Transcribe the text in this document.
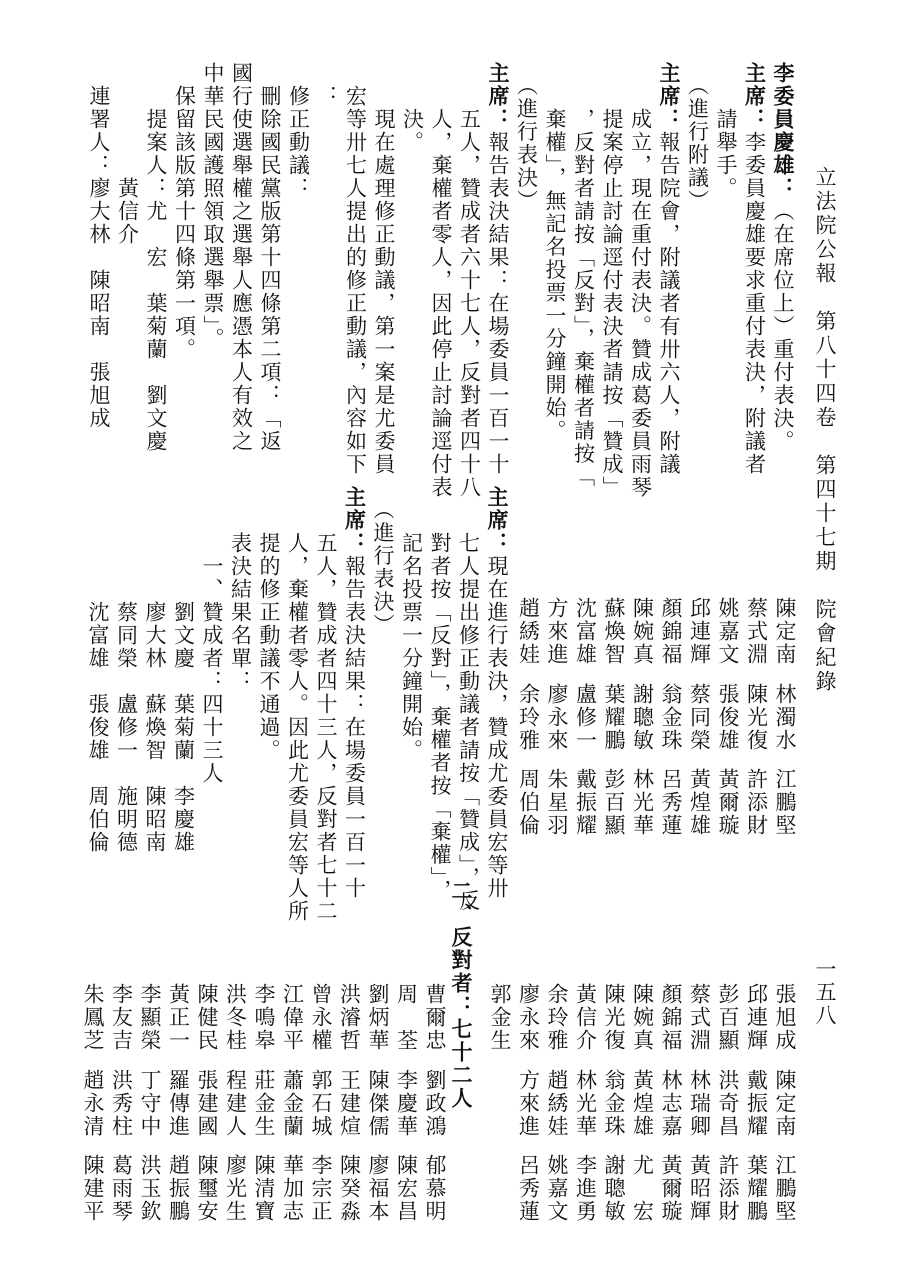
立法院公報　第八十四卷　第四十七期　院會紀錄
一五八
李委員慶雄：（在席位上）重付表決。
主席：李委員慶雄要求重付表決，附議者
　　請舉手。
　（進行附議）
主席：報告院會，附議者有卅六人，附議
　　成立，現在重付表決。贊成葛委員雨琴
　　提案停止討論逕付表決者請按「贊成」
　　，反對者請按「反對」，棄權者請按「
　　棄權」，無記名投票一分鐘開始。
　（進行表決）
主席：報告表決結果：在場委員一百一十
　　五人，贊成者六十七人，反對者四十八
　　人，棄權者零人，因此停止討論逕付表
　　決。
　　現在處理修正動議，第一案是尤委員
　宏等卅七人提出的修正動議，內容如下
　：
　修正動議：
　刪除國民黨版第十四條第二項：「返
國行使選舉權之選舉人應憑本人有效之
中華民國護照領取選舉票」。
　保留該版第十四條第一項。
　　提案人：尤　宏　葉菊蘭　劉文慶
　　　　　黃信介
　連署人：廖大林　陳昭南　張旭成
主席：現在進行表決，贊成尤委員宏等卅
　　七人提出修正動議者請按「贊成」，反
　　對者按「反對」，棄權者按「棄權」，
　　記名投票一分鐘開始。
　（進行表決）
主席：報告表決結果：在場委員一百一十
　　五人，贊成者四十三人，反對者七十二
　　人，棄權者零人。因此尤委員宏等人所
　　提的修正動議不通過。
　　表決結果名單：
　　　一、贊成者：四十三人
　　　　　劉文慶　葉菊蘭　李慶雄
　　　　　廖大林　蘇煥智　陳昭南
　　　　　蔡同榮　盧修一　施明德
　　　　　沈富雄　張俊雄　周伯倫	陳定南
林濁水
江鵬堅
蔡式淵
陳光復
許添財
姚嘉文
張俊雄
黃爾璇
邱連輝
蔡同榮
黃煌雄
顏錦福
翁金珠
呂秀蓮
陳婉真
謝聰敏
林光華
蘇煥智
葉耀鵬
彭百顯
沈富雄
盧修一
戴振耀
方來進
廖永來
朱星羽
趙綉娃
余玲雅
周伯倫
張旭成
陳定南
江鵬堅
邱連輝
戴振耀
葉耀鵬
彭百顯
洪奇昌
許添財
蔡式淵
林瑞卿
黃昭輝
顏錦福
林志嘉
黃爾璇
陳婉真
黃煌雄
尤　宏
陳光復
翁金珠
謝聰敏
黃信介
林光華
李進勇
余玲雅
趙綉娃
姚嘉文
廖永來
方來進
呂秀蓮
郭金生
二、反對者：七十二人
曹爾忠
劉政鴻
郁慕明
周　荃
李慶華
陳宏昌
劉炳華
陳傑儒
廖福本
洪濬哲
王建煊
陳癸淼
曾永權
郭石城
李宗正
江偉平
蕭金蘭
華加志
李鳴皋
莊金生
陳清寶
洪冬桂
程建人
廖光生
陳健民
張建國
陳璽安
黃正一
羅傳進
趙振鵬
李顯榮
丁守中
洪玉欽
李友吉
洪秀柱
葛雨琴
朱鳳芝
趙永清
陳建平
